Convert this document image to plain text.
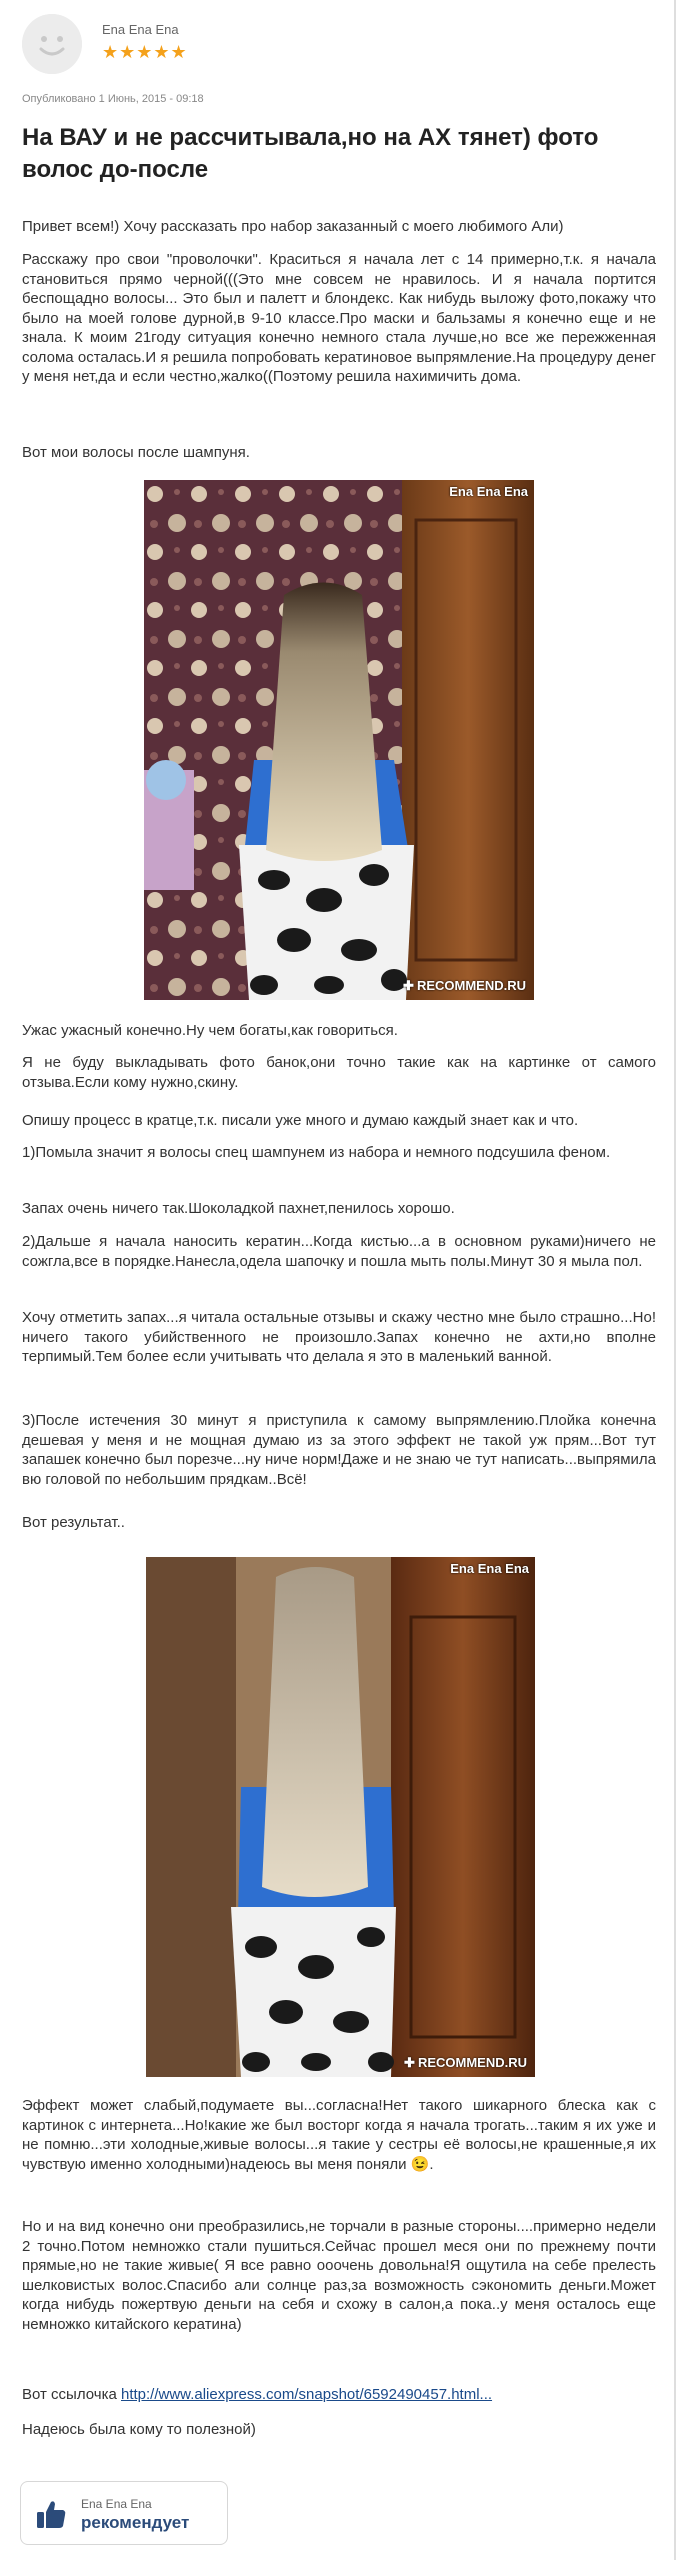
Ena Ena Ena
★★★★★
Опубликовано 1 Июнь, 2015 - 09:18
На ВАУ и не рассчитывала,но на АХ тянет) фото волос до-после

Привет всем!) Хочу рассказать про набор заказанный с моего любимого Али)

Расскажу про свои "проволочки". Краситься я начала лет с 14 примерно,т.к. я начала становиться прямо черной(((Это мне совсем не нравилось. И я начала портится беспощадно волосы... Это был и палетт и блондекс. Как нибудь выложу фото,покажу что было на моей голове дурной,в 9-10 классе.Про маски и бальзамы я конечно еще и не знала. К моим 21году ситуация конечно немного стала лучше,но все же пережженная солома осталась.И я решила попробовать кератиновое выпрямление.На процедуру денег у меня нет,да и если честно,жалко((Поэтому решила нахимичить дома.

Вот мои волосы после шампуня.

Ena Ena Ena
✚ RECOMMEND.RU

Ужас ужасный конечно.Ну чем богаты,как говориться.

Я не буду выкладывать фото банок,они точно такие как на картинке от самого отзыва.Если кому нужно,скину.

Опишу процесс в кратце,т.к. писали уже много и думаю каждый знает как и что.

1)Помыла значит я волосы спец шампунем из набора и немного подсушила феном.

Запах очень ничего так.Шоколадкой пахнет,пенилось хорошо.

2)Дальше я начала наносить кератин...Когда кистью...а в основном руками)ничего не сожгла,все в порядке.Нанесла,одела шапочку и пошла мыть полы.Минут 30 я мыла пол.

Хочу отметить запах...я читала остальные отзывы и скажу честно мне было страшно...Но!ничего такого убийственного не произошло.Запах конечно не ахти,но вполне терпимый.Тем более если учитывать что делала я это в маленький ванной.

3)После истечения 30 минут я приступила к самому выпрямлению.Плойка конечна дешевая у меня и не мощная думаю из за этого эффект не такой уж прям...Вот тут запашек конечно был порезче...ну ниче норм!Даже и не знаю че тут написать...выпрямила вю головой по небольшим прядкам..Всё!

Вот результат..

Ena Ena Ena
✚ RECOMMEND.RU

Эффект может слабый,подумаете вы...согласна!Нет такого шикарного блеска как с картинок с интернета...Но!какие же был восторг когда я начала трогать...таким я их уже и не помню...эти холодные,живые волосы...я такие у сестры её волосы,не крашенные,я их чувствую именно холодными)надеюсь вы меня поняли 😉.

Но и на вид конечно они преобразились,не торчали в разные стороны....примерно недели 2 точно.Потом немножко стали пушиться.Сейчас прошел меся они по прежнему почти прямые,но не такие живые( Я все равно ооочень довольна!Я ощутила на себе прелесть шелковистых волос.Спасибо али солнце раз,за возможность сэкономить деньги.Может когда нибудь пожертвую деньги на себя и схожу в салон,а пока..у меня осталось еще немножко китайского кератина)

Вот ссылочка http://www.aliexpress.com/snapshot/6592490457.html...

Надеюсь была кому то полезной)

Ena Ena Ena
рекомендует
